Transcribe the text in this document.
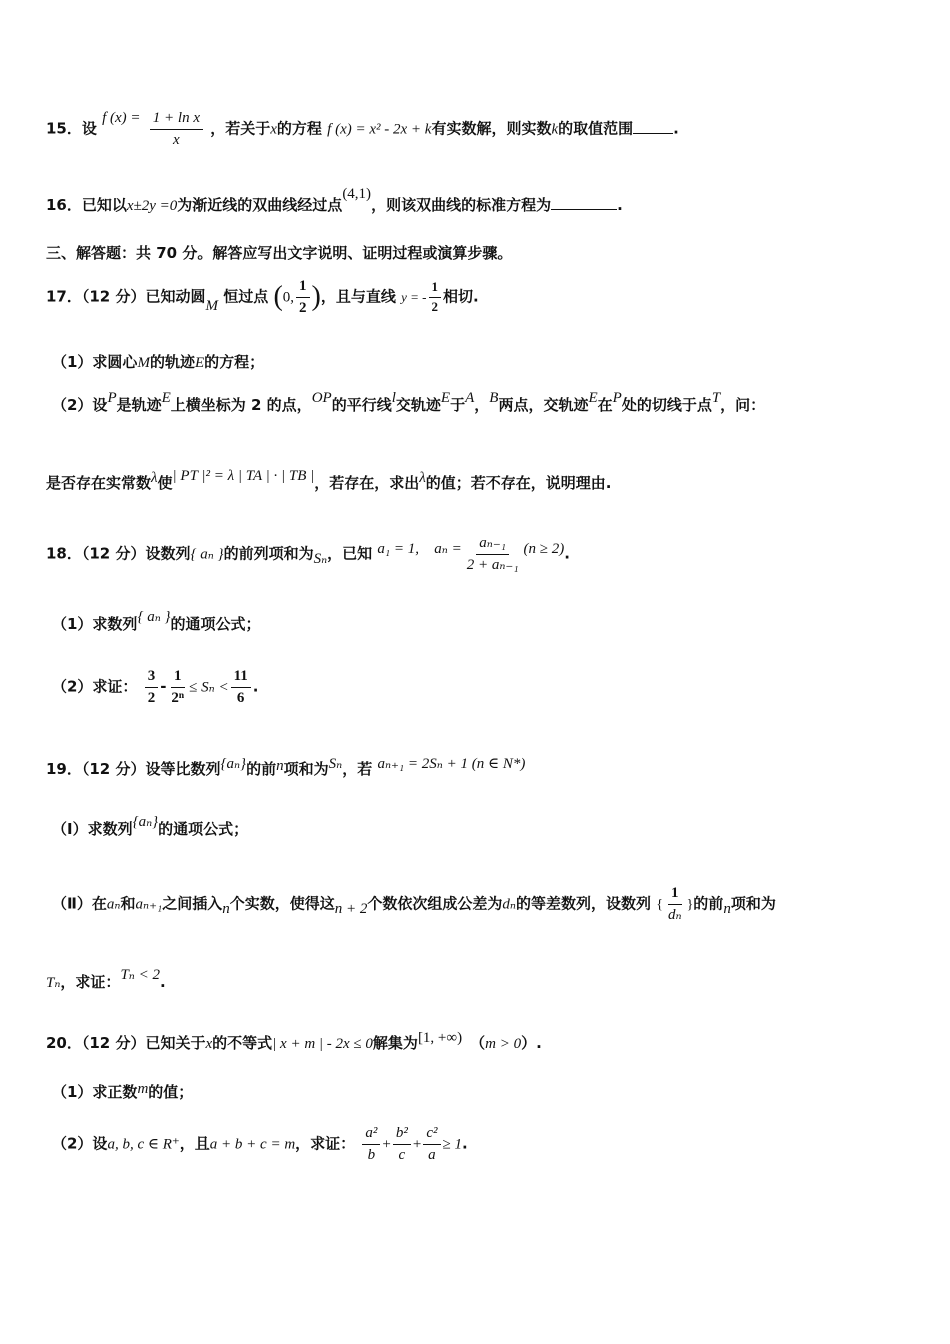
15．设 f $(x) = \frac{\text{1 + ln x}}{x}$ ，若关于x的方程 f (x) = x² - 2x + k有实数解，则实数k的取值范围	.
16．已知以x±2y =0为渐近线的双曲线经过点(4,1)，则该双曲线的标准方程为	.
三、解答题：共 70 分。解答应写出文字说明、证明过程或演算步骤。
17．（12 分）已知动圆M 恒过点 (0, $\frac{1}{2}$ )，且与直线 y = - $\frac{1}{2}$ 相切.
（1）求圆心M的轨迹E的方程；
（2）设P是轨迹E上横坐标为 2 的点，OP的平行线l交轨迹E于A，B两点，交轨迹E在P处的切线于点T，问：
是否存在实常数λ使| PT |² = λ | TA | · | TB |，若存在，求出λ的值；若不存在，说明理由.
18．（12 分）设数列{ aₙ }的前列项和为Sₙ，已知 a₁ = 1, $a_n = \frac{\text{aₙ₋₁}}{\text{2 + aₙ₋₁}} (n \ge 2)$.
（1）求数列{ aₙ }的通项公式；
（2）求证： $\frac{3}{2} - \frac{1}{\text{2ⁿ}} \le S_n < \frac{11}{6}$ .
19．（12 分）设等比数列{aₙ}的前n项和为Sₙ，若 aₙ₊₁ = 2Sₙ + 1 (n ∈ N*)
（Ⅰ）求数列{aₙ}的通项公式；
（Ⅱ）在aₙ和aₙ₊₁之间插入n个实数，使得这n + 2个数依次组成公差为dₙ的等差数列，设数列 { $\frac{1}{\text{dₙ}}$ }的前n项和为
Tₙ，求证：Tₙ < 2.
20．（12 分）已知关于x的不等式| x + m | - 2x ≤ 0解集为[1, +∞) （m > 0）.
（1）求正数m的值；
（2）设a, b, c ∈ R⁺，且a + b + c = m，求证： $\frac{\text{a²}}{b} + \frac{\text{b²}}{c} + \frac{\text{c²}}{a} \ge 1$.
